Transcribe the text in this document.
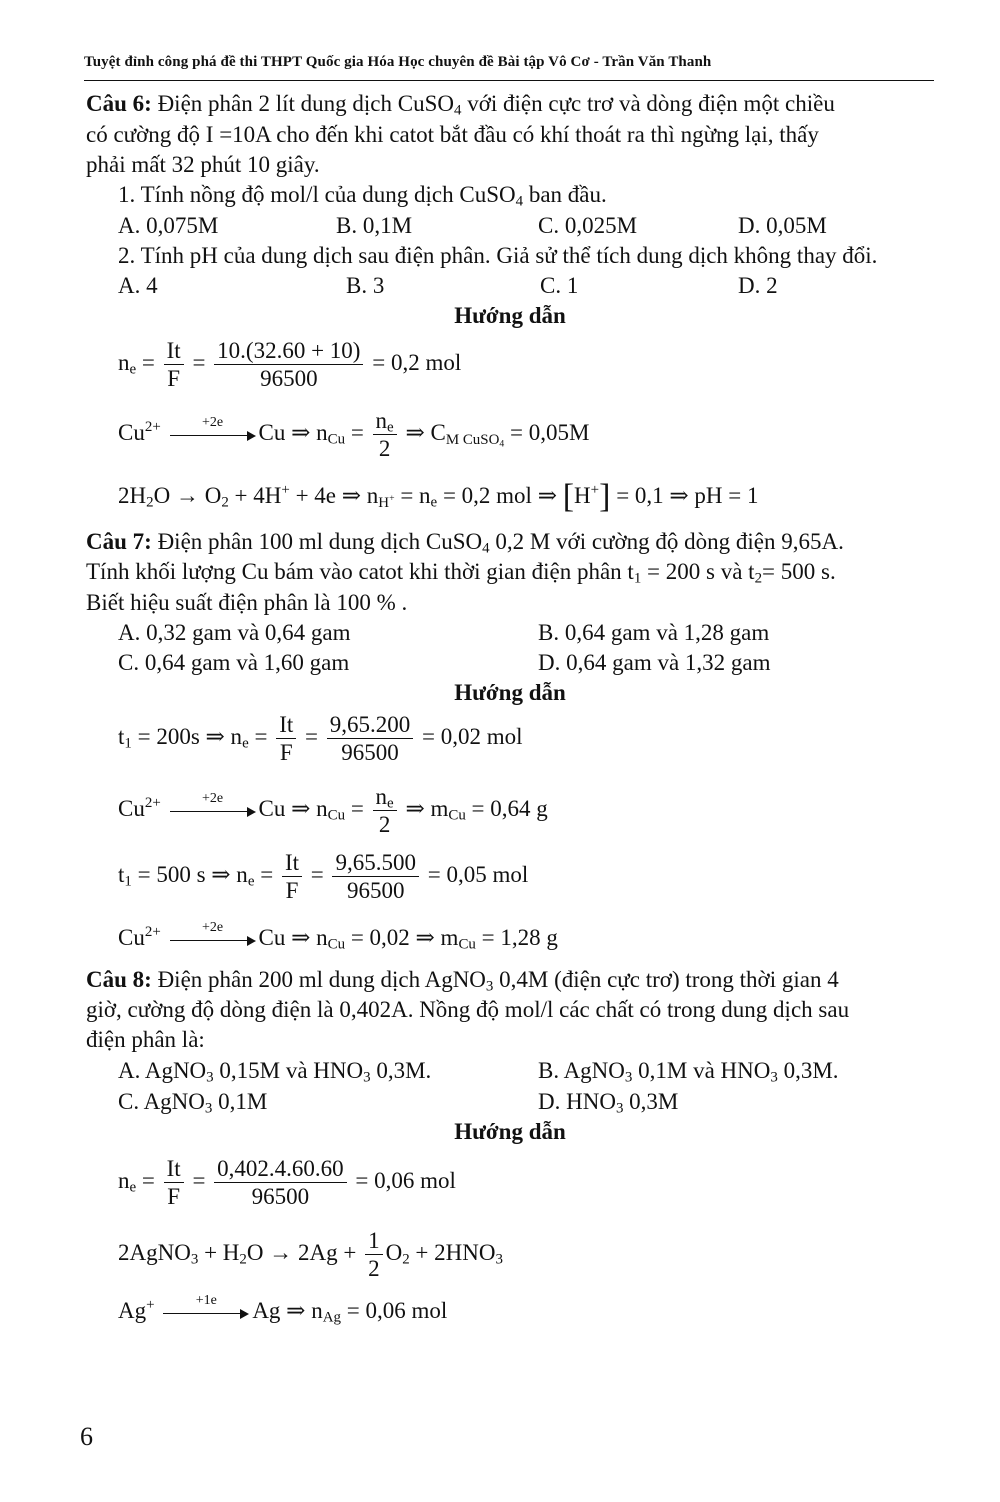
Tuyệt đỉnh công phá đề thi THPT Quốc gia Hóa Học chuyên đề Bài tập Vô Cơ - Trần Văn Thanh
Câu 6: Điện phân 2 lít dung dịch CuSO$_4$ với điện cực trơ và dòng điện một chiều
có cường độ I =10A cho đến khi catot bắt đầu có khí thoát ra thì ngừng lại, thấy
phải mất 32 phút 10 giây.
1. Tính nồng độ mol/l của dung dịch CuSO$_4$ ban đầu.
A. 0,075M	B. 0,1M	C. 0,025M	D. 0,05M
2. Tính pH của dung dịch sau điện phân. Giả sử thể tích dung dịch không thay đổi.
A. 4	B. 3	C. 1	D. 2
Hướng dẫn
$n_e = \frac{It}{F} = \frac{10.(32.60 + 10)}{96500} = 0,2$ mol
$Cu^{2+}$	+2e Cu ⇒ $n_{Cu} = \frac{n_e}{2}$ ⇒ $C_{M CuSO_4} = 0,05M$
$2H_2O \to O_2 + 4H^+ + 4e$ ⇒ $n_{H^+} = n_e = 0,2$ mol ⇒ [H+] = 0,1 ⇒ pH = 1
Câu 7: Điện phân 100 ml dung dịch CuSO$_4$ 0,2 M với cường độ dòng điện 9,65A.
Tính khối lượng Cu bám vào catot khi thời gian điện phân $t_1 = 200$ s và $t_2= 500$ s.
Biết hiệu suất điện phân là 100 % .
A. 0,32 gam và 0,64 gam	B. 0,64 gam và 1,28 gam
C. 0,64 gam và 1,60 gam	D. 0,64 gam và 1,32 gam
Hướng dẫn
$t_1 = 200s$ ⇒ $n_e = \frac{It}{F} = \frac{9,65.200}{96500} = 0,02$ mol
$Cu^{2+}$	+2e Cu ⇒ $n_{Cu} = \frac{n_e}{2}$ ⇒ $m_{Cu} = 0,64$ g
$t_1 = 500$ s ⇒ $n_e = \frac{It}{F} = \frac{9,65.500}{96500} = 0,05$ mol
$Cu^{2+}$	+2e Cu ⇒ $n_{Cu} = 0,02$ ⇒ $m_{Cu} = 1,28$ g
Câu 8: Điện phân 200 ml dung dịch AgNO$_3$ 0,4M (điện cực trơ) trong thời gian 4
giờ, cường độ dòng điện là 0,402A. Nồng độ mol/l các chất có trong dung dịch sau
điện phân là:
A. AgNO$_3$ 0,15M và $HNO_3$ 0,3M.	B. AgNO$_3$ 0,1M và $HNO_3$ 0,3M.
C. AgNO$_3$ 0,1M	D. $HNO_3$ 0,3M
Hướng dẫn
$n_e = \frac{It}{F} = \frac{0,402.4.60.60}{96500} = 0,06$ mol
2AgNO$_3$ + $H_2O \to 2Ag + \frac{1}{2} O_2 + 2HNO_3$
Ag+	+1e Ag ⇒ $n_{Ag} = 0,06$ mol
6
